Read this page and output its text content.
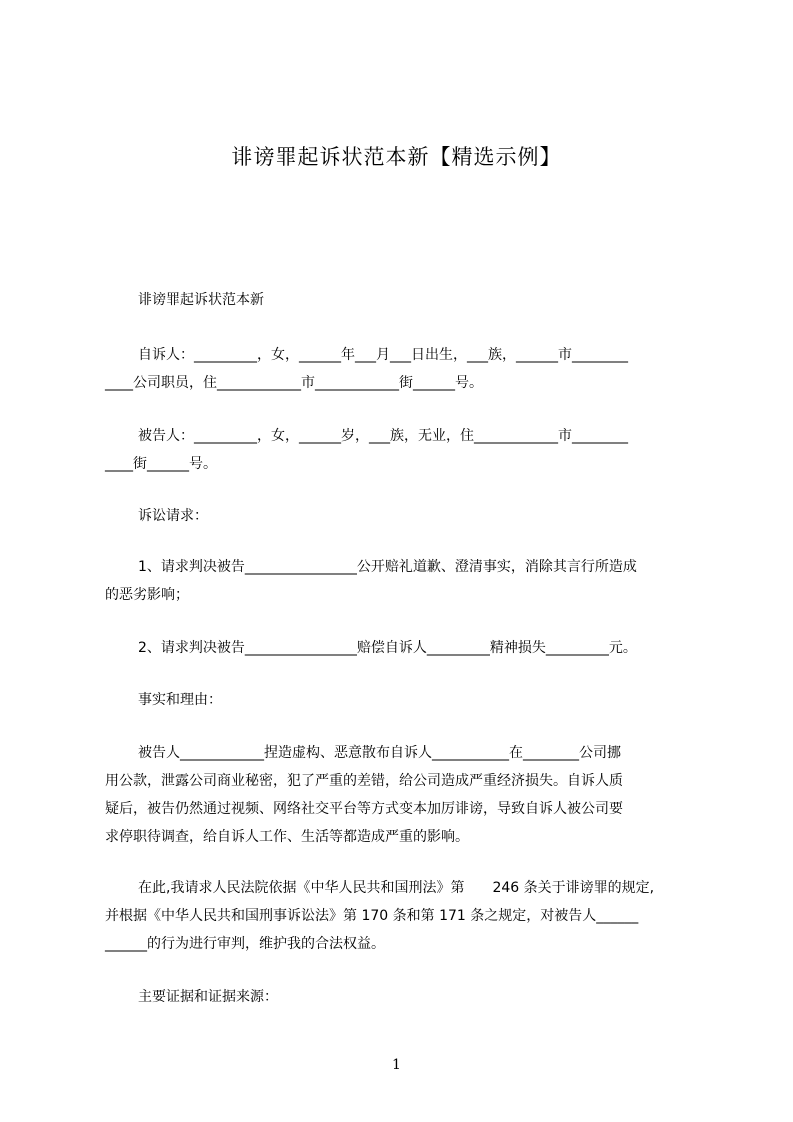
诽谤罪起诉状范本新【精选示例】
诽谤罪起诉状范本新
自诉人：_________，女，______年___月___日出生，___族，______市________
____公司职员，住____________市____________街______号。
被告人：_________，女，______岁，___族，无业，住____________市________
____街______号。
诉讼请求：
1、请求判决被告________________公开赔礼道歉、澄清事实，消除其言行所造成
的恶劣影响；
2、请求判决被告________________赔偿自诉人_________精神损失_________元。
事实和理由：
被告人____________捏造虚构、恶意散布自诉人___________在________公司挪
用公款，泄露公司商业秘密，犯了严重的差错，给公司造成严重经济损失。自诉人质
疑后，被告仍然通过视频、网络社交平台等方式变本加厉诽谤，导致自诉人被公司要
求停职待调查，给自诉人工作、生活等都造成严重的影响。
在此,我请求人民法院依据《中华人民共和国刑法》第　　246 条关于诽谤罪的规定,
并根据《中华人民共和国刑事诉讼法》第 170 条和第 171 条之规定，对被告人______
______的行为进行审判，维护我的合法权益。
主要证据和证据来源：
1
